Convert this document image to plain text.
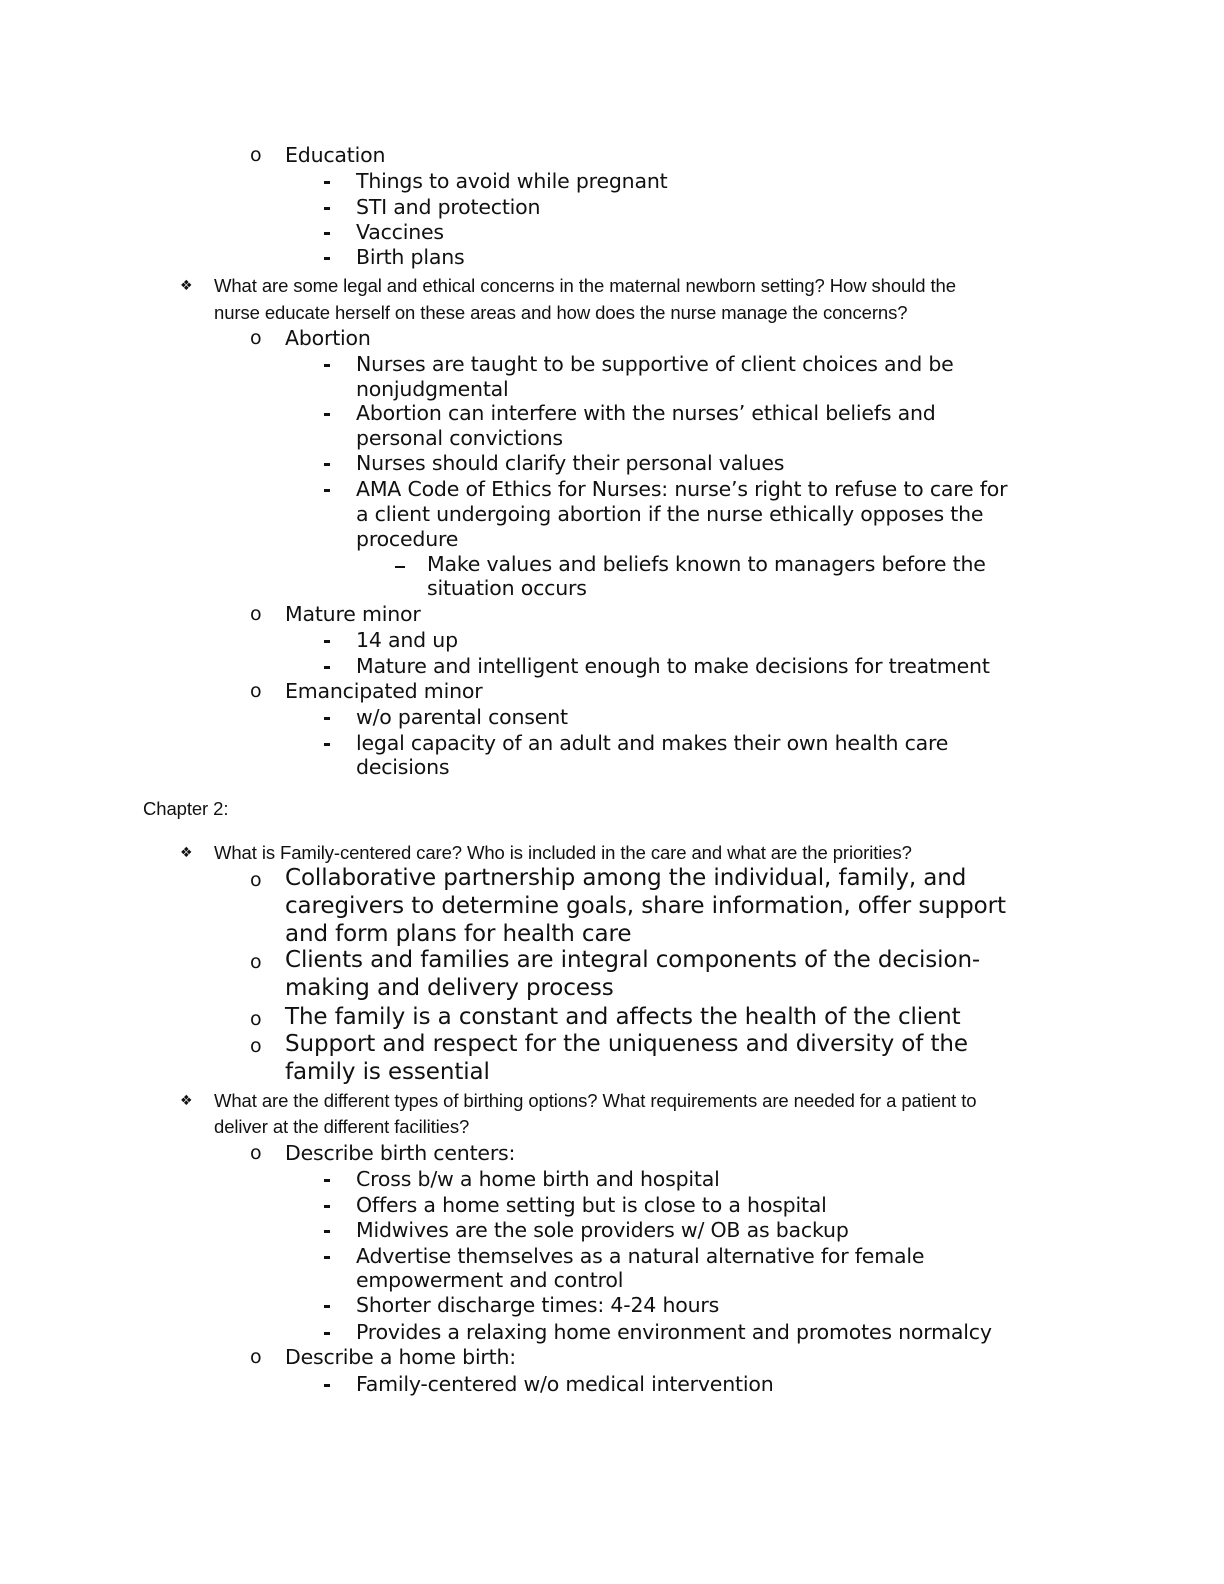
o Education
Things to avoid while pregnant
STI and protection
Vaccines
Birth plans
❖ What are some legal and ethical concerns in the maternal newborn setting? How should the
nurse educate herself on these areas and how does the nurse manage the concerns?
o Abortion
Nurses are taught to be supportive of client choices and be
nonjudgmental
Abortion can interfere with the nurses’ ethical beliefs and
personal convictions
Nurses should clarify their personal values
AMA Code of Ethics for Nurses: nurse’s right to refuse to care for
a client undergoing abortion if the nurse ethically opposes the
procedure
Make values and beliefs known to managers before the
situation occurs
o Mature minor
14 and up
Mature and intelligent enough to make decisions for treatment
o Emancipated minor
w/o parental consent
legal capacity of an adult and makes their own health care
decisions
Chapter 2:
❖ What is Family-centered care? Who is included in the care and what are the priorities?
o Collaborative partnership among the individual, family, and
caregivers to determine goals, share information, offer support
and form plans for health care
o Clients and families are integral components of the decision-
making and delivery process
o The family is a constant and affects the health of the client
o Support and respect for the uniqueness and diversity of the
family is essential
❖ What are the different types of birthing options? What requirements are needed for a patient to
deliver at the different facilities?
o Describe birth centers:
Cross b/w a home birth and hospital
Offers a home setting but is close to a hospital
Midwives are the sole providers w/ OB as backup
Advertise themselves as a natural alternative for female
empowerment and control
Shorter discharge times: 4-24 hours
Provides a relaxing home environment and promotes normalcy
o Describe a home birth:
Family-centered w/o medical intervention
